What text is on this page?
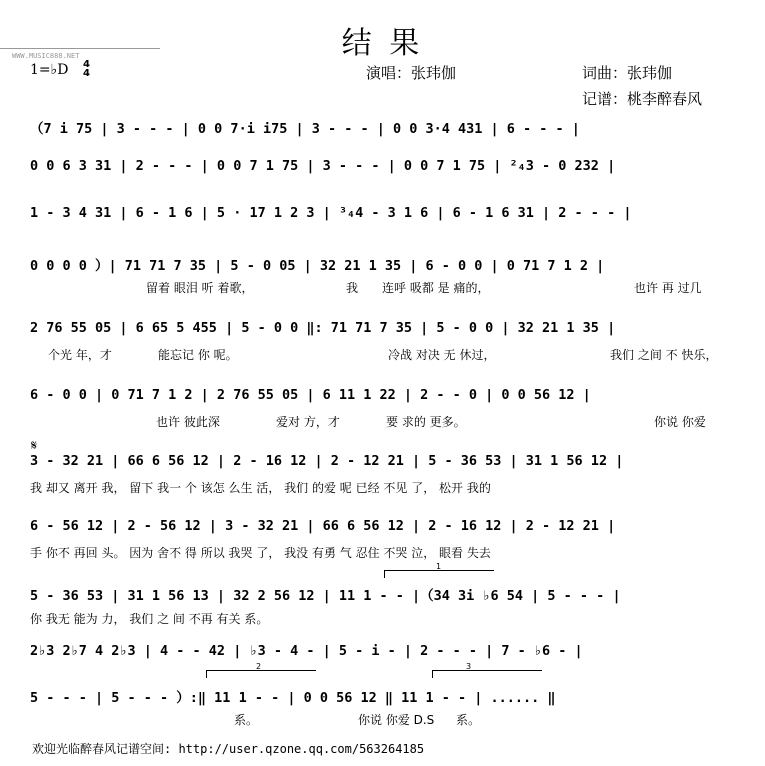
WWW.MUSIC888.NET	结 果
1=♭D 4
4	演唱：张玮伽	词曲：张玮伽
记谱：桃李醉春风
（7 i 75 | 3 - - - | 0 0 7·i i75 | 3 - - - | 0 0 3·4 431 | 6 - - - |
0 0 6 3 31 | 2 - - - | 0 0 7 1 75 | 3 - - - | 0 0 7 1 75 | ²₄3 - 0 232 |
1 - 3 4 31 | 6 - 1 6 | 5 · 17 1 2 3 | ³₄4 - 3 1 6 | 6 - 1 6 31 | 2 - - - |
0 0 0 0 ）| 71 71 7 35 | 5 - 0 05 | 32 21 1 35 | 6 - 0 0 | 0 71 7 1 2 |
留着 眼泪 听 着歌，	我 连呼 吸都 是 痛的，	也许 再 过几
2 76 55 05 | 6 65 5 455 | 5 - 0 0 ‖: 71 71 7 35 | 5 - 0 0 | 32 21 1 35 |
个光 年，才	能忘记 你 呢。	冷战 对决 无 休过，	我们 之间 不 快乐，
6 - 0 0 | 0 71 7 1 2 | 2 76 55 05 | 6 11 1 22 | 2 - - 0 | 0 0 56 12 |
也许 彼此深	爱对 方，才	要 求的 更多。	你说 你爱
𝄋
3 - 32 21 | 66 6 56 12 | 2 - 16 12 | 2 - 12 21 | 5 - 36 53 | 31 1 56 12 |
我 却又 离开 我， 留下 我一 个 该怎 么生 活， 我们 的爱 呢 已经 不见 了， 松开 我的
6 - 56 12 | 2 - 56 12 | 3 - 32 21 | 66 6 56 12 | 2 - 16 12 | 2 - 12 21 |
手 你不 再回 头。 因为 舍不 得 所以 我哭 了， 我没 有勇 气 忍住 不哭 泣， 眼看 失去
1
5 - 36 53 | 31 1 56 13 | 32 2 56 12 | 11 1 - - |（34 3i ♭6 54 | 5 - - - |
你 我无 能为 力， 我们 之 间 不再 有关 系。
2♭3 2♭7 4 2♭3 | 4 - - 42 | ♭3 - 4 - | 5 - i - | 2 - - - | 7 - ♭6 - |
2	3
5 - - - | 5 - - - ）:‖ 11 1 - - | 0 0 56 12 ‖ 11 1 - - | ...... ‖
系。	你说 你爱 D.S 系。
欢迎光临醉春风记谱空间: http://user.qzone.qq.com/563264185
